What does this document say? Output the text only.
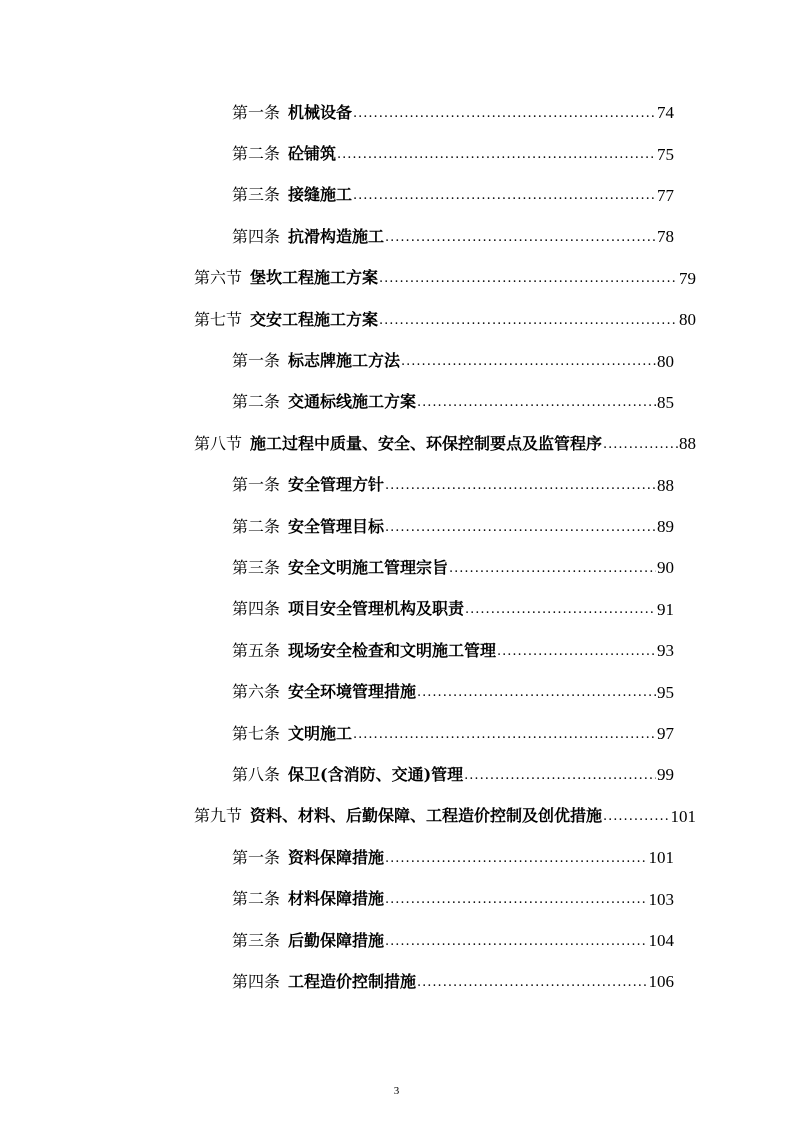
第一条 机械设备 .....	74
第二条 砼铺筑 .....	75
第三条 接缝施工 .....	77
第四条 抗滑构造施工 .....	78
第六节 堡坎工程施工方案 .....	79
第七节 交安工程施工方案 .....	80
第一条 标志牌施工方法 .....	80
第二条 交通标线施工方案 .....	85
第八节 施工过程中质量、安全、环保控制要点及监管程序 .....	88
第一条 安全管理方针 .....	88
第二条 安全管理目标 .....	89
第三条 安全文明施工管理宗旨 .....	90
第四条 项目安全管理机构及职责 .....	91
第五条 现场安全检查和文明施工管理 .....	93
第六条 安全环境管理措施 .....	95
第七条 文明施工 .....	97
第八条 保卫(含消防、交通)管理 .....	99
第九节 资料、材料、后勤保障、工程造价控制及创优措施 .....	101
第一条 资料保障措施 .....	101
第二条 材料保障措施 .....	103
第三条 后勤保障措施 .....	104
第四条 工程造价控制措施 .....	106
3
